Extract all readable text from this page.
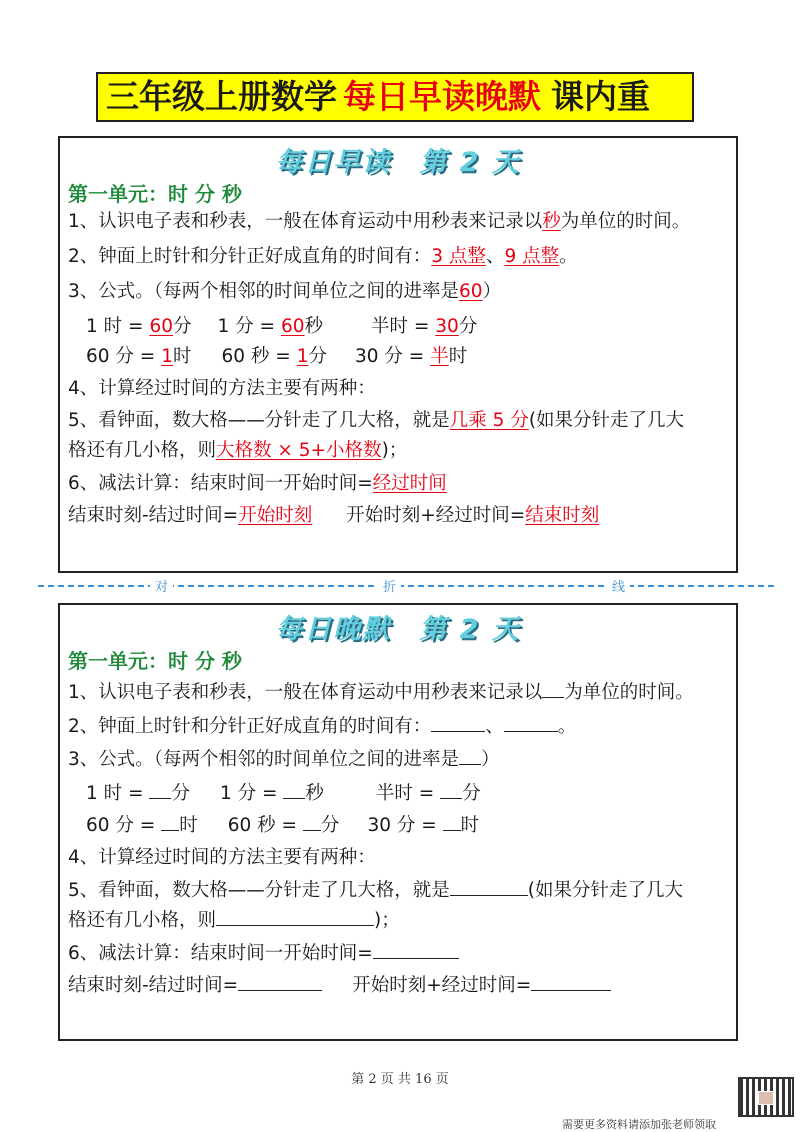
三年级上册数学 每日早读晚默 课内重
每日早读 第 2 天
第一单元：时 分 秒
1、认识电子表和秒表，一般在体育运动中用秒表来记录以秒为单位的时间。
2、钟面上时针和分针正好成直角的时间有：3 点整、9 点整。
3、公式。（每两个相邻的时间单位之间的进率是60）
1 时 = 60分 1 分 = 60秒	半时 = 30分
60 分 = 1时 60 秒 = 1分 30 分 = 半时
4、计算经过时间的方法主要有两种：
5、看钟面，数大格——分针走了几大格，就是几乘 5 分(如果分针走了几大
格还有几小格，则大格数 × 5+小格数)；
6、减法计算：结束时间一开始时间=经过时间
结束时刻-结过时间=开始时刻 开始时刻+经过时间=结束时刻
对	折	线
每日晚默 第 2 天
第一单元：时 分 秒
1、认识电子表和秒表，一般在体育运动中用秒表来记录以 为单位的时间。
2、钟面上时针和分针正好成直角的时间有：	、	。
3、公式。（每两个相邻的时间单位之间的进率是 ）
1 时 = 分 1 分 = 秒	半时 = 分
60 分 = 时 60 秒 = 分 30 分 = 时
4、计算经过时间的方法主要有两种：
5、看钟面，数大格——分针走了几大格，就是	(如果分针走了几大
格还有几小格，则	)；
6、减法计算：结束时间一开始时间=
结束时刻-结过时间=	开始时刻+经过时间=
第 2 页 共 16 页
需要更多资料请添加张老师领取
